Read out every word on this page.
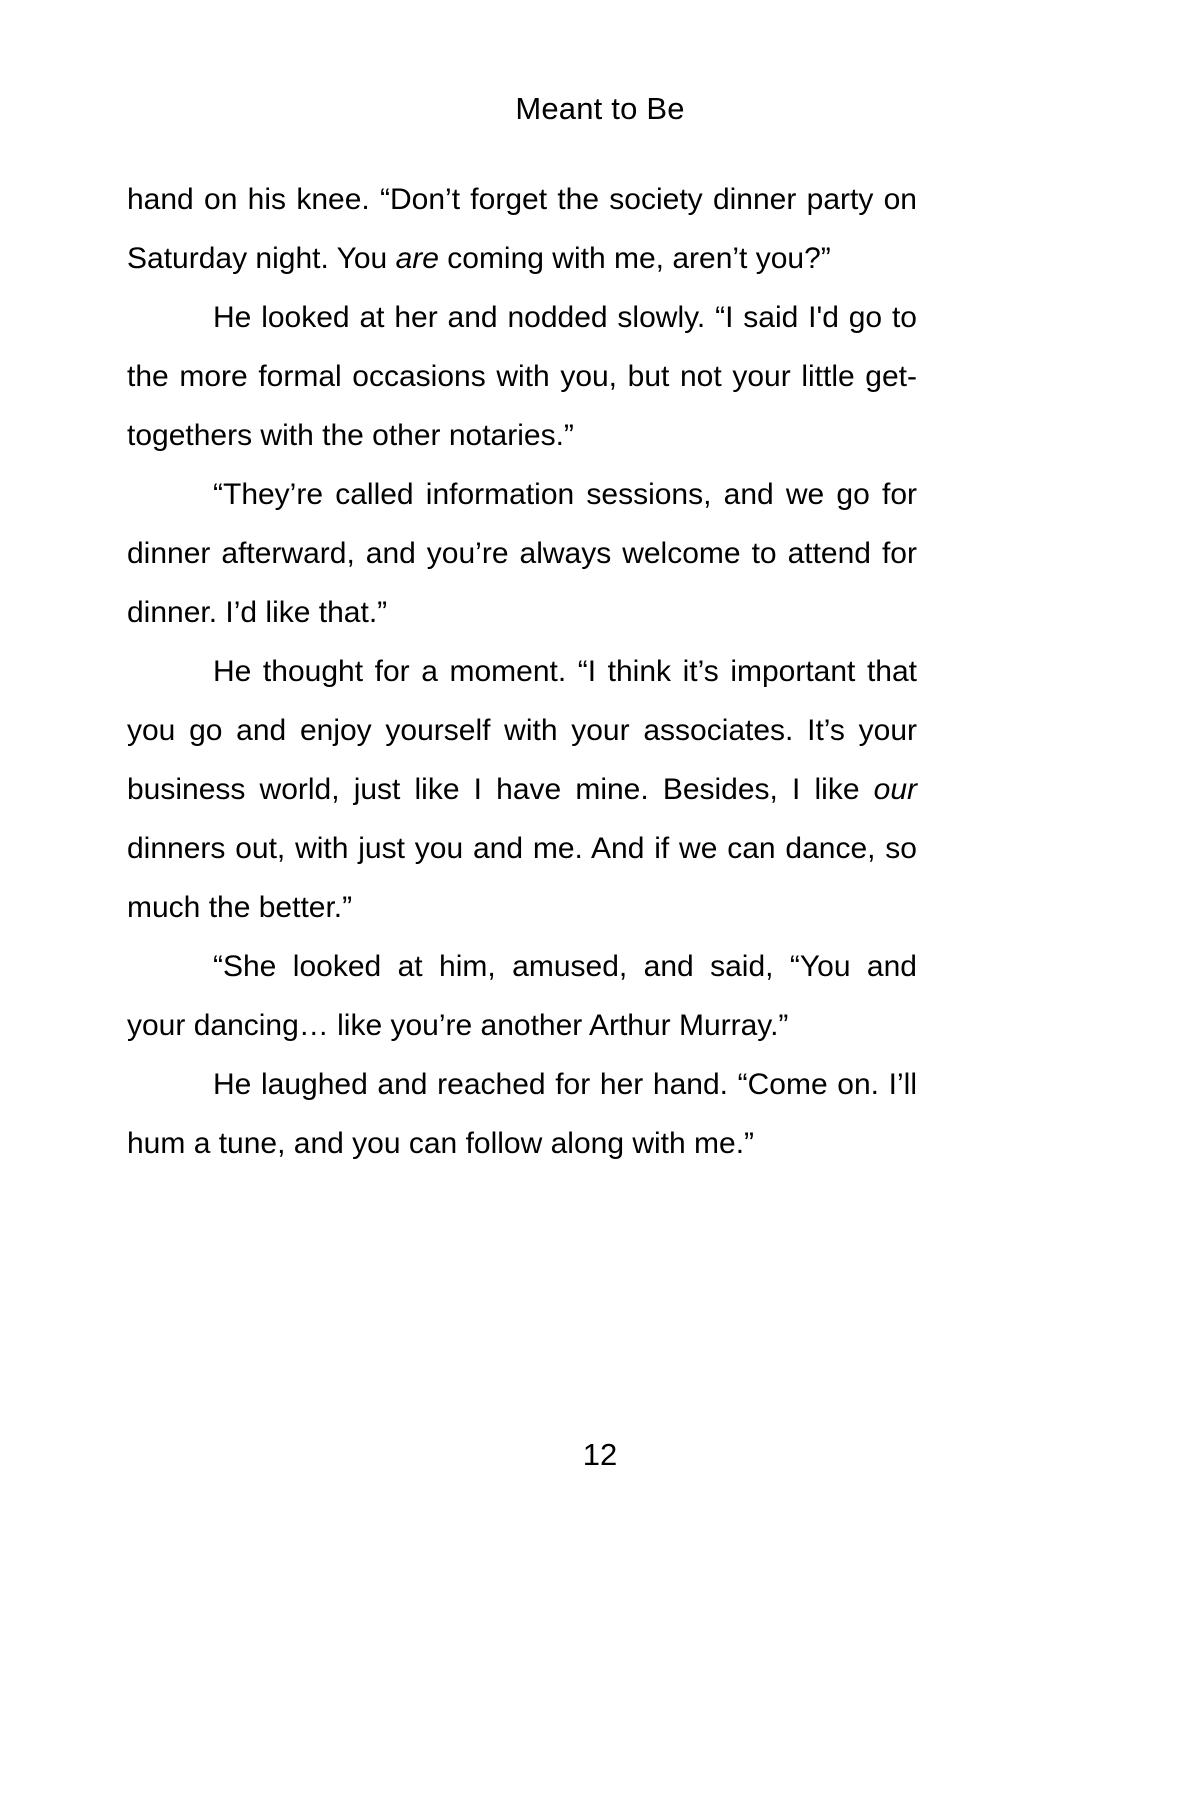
Meant to Be

hand on his knee. “Don’t forget the society dinner party on Saturday night. You are coming with me, aren’t you?”

He looked at her and nodded slowly. “I said I'd go to the more formal occasions with you, but not your little get-togethers with the other notaries.”

“They’re called information sessions, and we go for dinner afterward, and you’re always welcome to attend for dinner. I’d like that.”

He thought for a moment. “I think it’s important that you go and enjoy yourself with your associates. It’s your business world, just like I have mine. Besides, I like our dinners out, with just you and me. And if we can dance, so much the better.”

“She looked at him, amused, and said, “You and your dancing… like you’re another Arthur Murray.”

He laughed and reached for her hand. “Come on. I’ll hum a tune, and you can follow along with me.”

12
